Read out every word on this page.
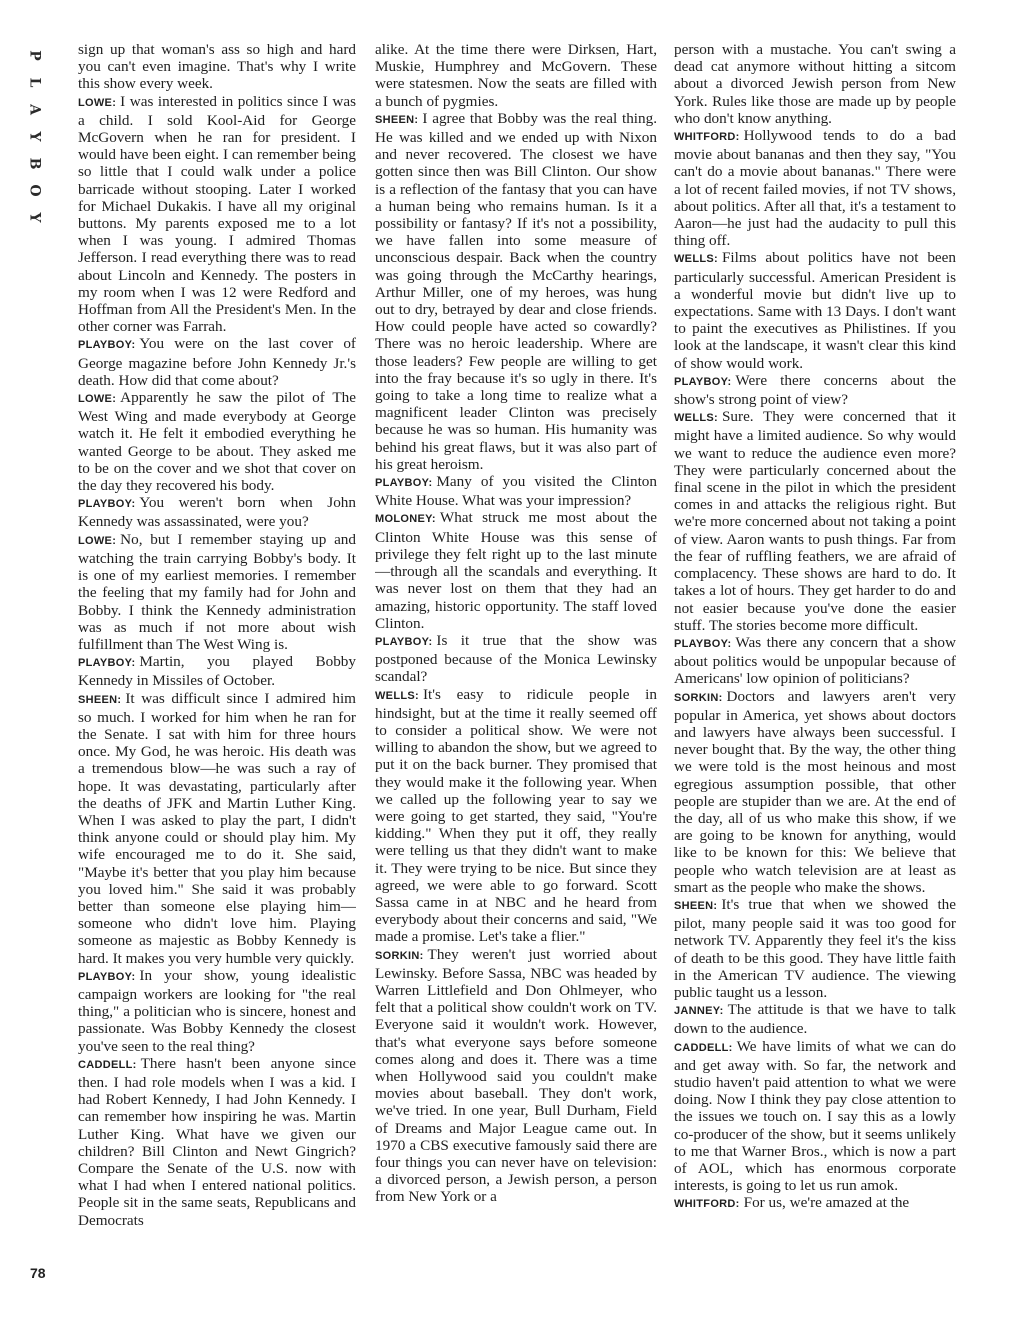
P
L
A
Y
B
O
Y
78

sign up that woman's ass so high and hard you can't even imagine. That's why I write this show every week.

LOWE: I was interested in politics since I was a child. I sold Kool-Aid for George McGovern when he ran for president. I would have been eight. I can remember being so little that I could walk under a police barricade without stooping. Later I worked for Michael Dukakis. I have all my original buttons. My parents exposed me to a lot when I was young. I admired Thomas Jefferson. I read everything there was to read about Lincoln and Kennedy. The posters in my room when I was 12 were Redford and Hoffman from All the President's Men. In the other corner was Farrah.

PLAYBOY: You were on the last cover of George magazine before John Kennedy Jr.'s death. How did that come about?

LOWE: Apparently he saw the pilot of The West Wing and made everybody at George watch it. He felt it embodied everything he wanted George to be about. They asked me to be on the cover and we shot that cover on the day they recovered his body.

PLAYBOY: You weren't born when John Kennedy was assassinated, were you?

LOWE: No, but I remember staying up and watching the train carrying Bobby's body. It is one of my earliest memories. I remember the feeling that my family had for John and Bobby. I think the Kennedy administration was as much if not more about wish fulfillment than The West Wing is.

PLAYBOY: Martin, you played Bobby Kennedy in Missiles of October.

SHEEN: It was difficult since I admired him so much. I worked for him when he ran for the Senate. I sat with him for three hours once. My God, he was heroic. His death was a tremendous blow—he was such a ray of hope. It was devastating, particularly after the deaths of JFK and Martin Luther King. When I was asked to play the part, I didn't think anyone could or should play him. My wife encouraged me to do it. She said, "Maybe it's better that you play him because you loved him." She said it was probably better than someone else playing him—someone who didn't love him. Playing someone as majestic as Bobby Kennedy is hard. It makes you very humble very quickly.

PLAYBOY: In your show, young idealistic campaign workers are looking for "the real thing," a politician who is sincere, honest and passionate. Was Bobby Kennedy the closest you've seen to the real thing?

CADDELL: There hasn't been anyone since then. I had role models when I was a kid. I had Robert Kennedy, I had John Kennedy. I can remember how inspiring he was. Martin Luther King. What have we given our children? Bill Clinton and Newt Gingrich? Compare the Senate of the U.S. now with what I had when I entered national politics. People sit in the same seats, Republicans and Democrats

alike. At the time there were Dirksen, Hart, Muskie, Humphrey and McGovern. These were statesmen. Now the seats are filled with a bunch of pygmies.

SHEEN: I agree that Bobby was the real thing. He was killed and we ended up with Nixon and never recovered. The closest we have gotten since then was Bill Clinton. Our show is a reflection of the fantasy that you can have a human being who remains human. Is it a possibility or fantasy? If it's not a possibility, we have fallen into some measure of unconscious despair. Back when the country was going through the McCarthy hearings, Arthur Miller, one of my heroes, was hung out to dry, betrayed by dear and close friends. How could people have acted so cowardly? There was no heroic leadership. Where are those leaders? Few people are willing to get into the fray because it's so ugly in there. It's going to take a long time to realize what a magnificent leader Clinton was precisely because he was so human. His humanity was behind his great flaws, but it was also part of his great heroism.

PLAYBOY: Many of you visited the Clinton White House. What was your impression?

MOLONEY: What struck me most about the Clinton White House was this sense of privilege they felt right up to the last minute—through all the scandals and everything. It was never lost on them that they had an amazing, historic opportunity. The staff loved Clinton.

PLAYBOY: Is it true that the show was postponed because of the Monica Lewinsky scandal?

WELLS: It's easy to ridicule people in hindsight, but at the time it really seemed off to consider a political show. We were not willing to abandon the show, but we agreed to put it on the back burner. They promised that they would make it the following year. When we called up the following year to say we were going to get started, they said, "You're kidding." When they put it off, they really were telling us that they didn't want to make it. They were trying to be nice. But since they agreed, we were able to go forward. Scott Sassa came in at NBC and he heard from everybody about their concerns and said, "We made a promise. Let's take a flier."

SORKIN: They weren't just worried about Lewinsky. Before Sassa, NBC was headed by Warren Littlefield and Don Ohlmeyer, who felt that a political show couldn't work on TV. Everyone said it wouldn't work. However, that's what everyone says before someone comes along and does it. There was a time when Hollywood said you couldn't make movies about baseball. They don't work, we've tried. In one year, Bull Durham, Field of Dreams and Major League came out. In 1970 a CBS executive famously said there are four things you can never have on television: a divorced person, a Jewish person, a person from New York or a

person with a mustache. You can't swing a dead cat anymore without hitting a sitcom about a divorced Jewish person from New York. Rules like those are made up by people who don't know anything.

WHITFORD: Hollywood tends to do a bad movie about bananas and then they say, "You can't do a movie about bananas." There were a lot of recent failed movies, if not TV shows, about politics. After all that, it's a testament to Aaron—he just had the audacity to pull this thing off.

WELLS: Films about politics have not been particularly successful. American President is a wonderful movie but didn't live up to expectations. Same with 13 Days. I don't want to paint the executives as Philistines. If you look at the landscape, it wasn't clear this kind of show would work.

PLAYBOY: Were there concerns about the show's strong point of view?

WELLS: Sure. They were concerned that it might have a limited audience. So why would we want to reduce the audience even more? They were particularly concerned about the final scene in the pilot in which the president comes in and attacks the religious right. But we're more concerned about not taking a point of view. Aaron wants to push things. Far from the fear of ruffling feathers, we are afraid of complacency. These shows are hard to do. It takes a lot of hours. They get harder to do and not easier because you've done the easier stuff. The stories become more difficult.

PLAYBOY: Was there any concern that a show about politics would be unpopular because of Americans' low opinion of politicians?

SORKIN: Doctors and lawyers aren't very popular in America, yet shows about doctors and lawyers have always been successful. I never bought that. By the way, the other thing we were told is the most heinous and most egregious assumption possible, that other people are stupider than we are. At the end of the day, all of us who make this show, if we are going to be known for anything, would like to be known for this: We believe that people who watch television are at least as smart as the people who make the shows.

SHEEN: It's true that when we showed the pilot, many people said it was too good for network TV. Apparently they feel it's the kiss of death to be this good. They have little faith in the American TV audience. The viewing public taught us a lesson.

JANNEY: The attitude is that we have to talk down to the audience.

CADDELL: We have limits of what we can do and get away with. So far, the network and studio haven't paid attention to what we were doing. Now I think they pay close attention to the issues we touch on. I say this as a lowly co-producer of the show, but it seems unlikely to me that Warner Bros., which is now a part of AOL, which has enormous corporate interests, is going to let us run amok.

WHITFORD: For us, we're amazed at the
